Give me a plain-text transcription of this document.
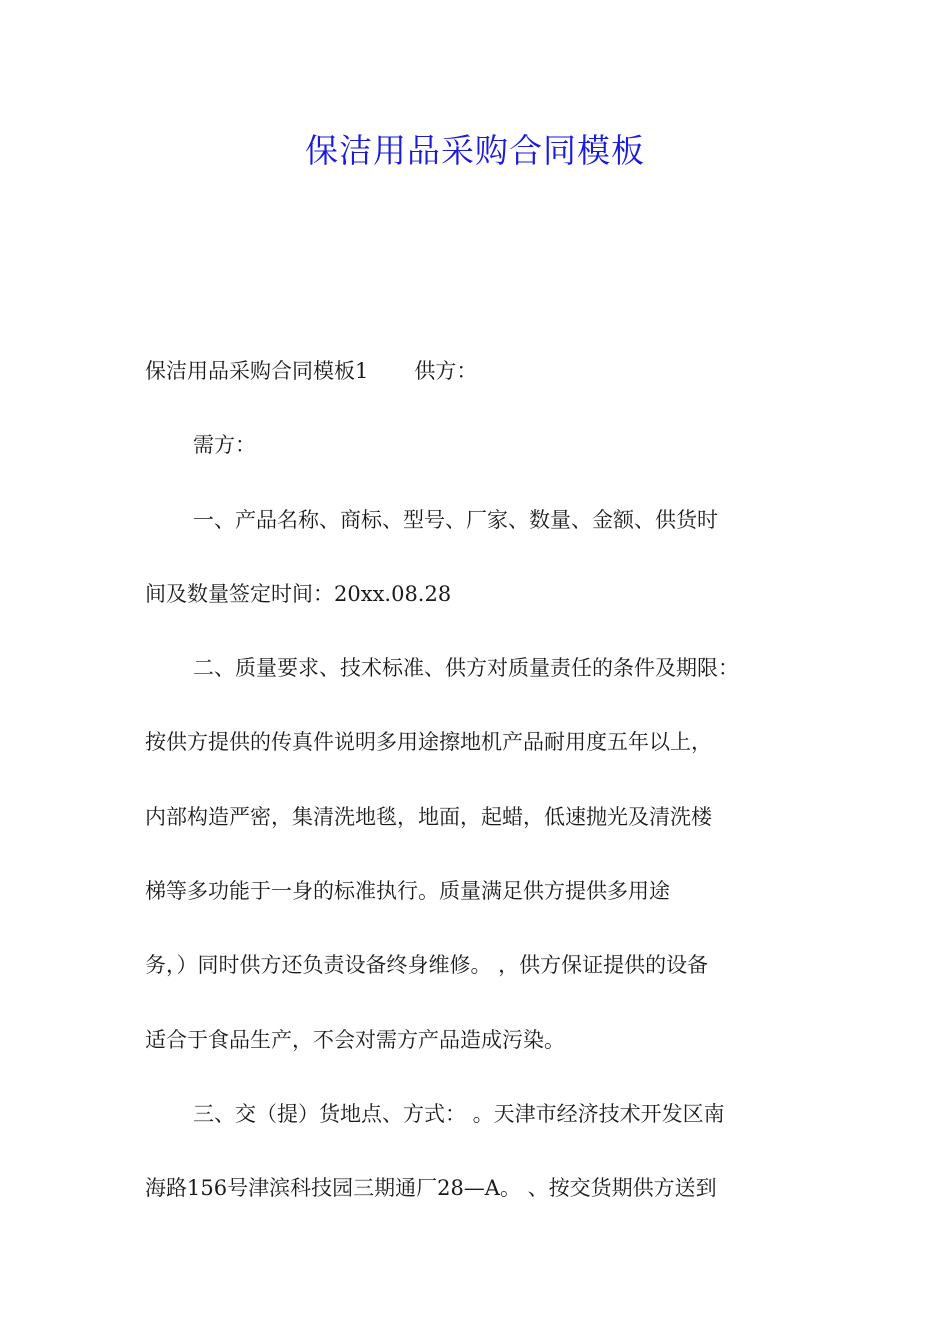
保洁用品采购合同模板

保洁用品采购合同模板1 供方：

需方：

一、产品名称、商标、型号、厂家、数量、金额、供货时

间及数量签定时间：20xx.08.28

二、质量要求、技术标准、供方对质量责任的条件及期限：

按供方提供的传真件说明多用途擦地机产品耐用度五年以上，

内部构造严密，集清洗地毯，地面，起蜡，低速抛光及清洗楼

梯等多功能于一身的标准执行。质量满足供方提供多用途

务，）同时供方还负责设备终身维修。 ，供方保证提供的设备

适合于食品生产，不会对需方产品造成污染。

三、交（提）货地点、方式： 。天津市经济技术开发区南

海路156号津滨科技园三期通厂28—A。 、按交货期供方送到
